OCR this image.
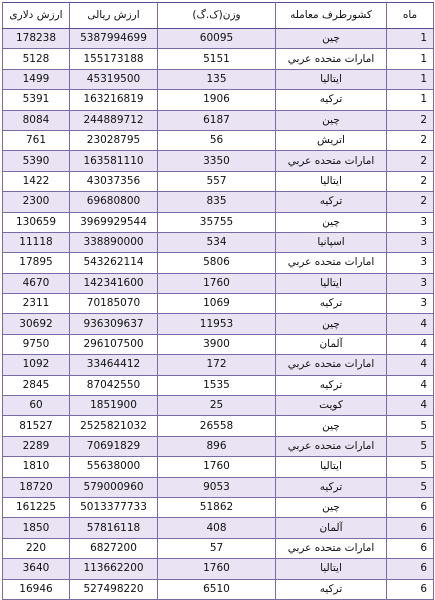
ماه	کشورطرف معامله	وزن(ک.گ)	ارزش ریالی	ارزش دلاری
1	چین	60095	5387994699	178238
1	امارات متحده عربي	5151	155173188	5128
1	ايتاليا	135	45319500	1499
1	ترکيه	1906	163216819	5391
2	چين	6187	244889712	8084
2	اتريش	56	23028795	761
2	امارات متحده عربي	3350	163581110	5390
2	ايتاليا	557	43037356	1422
2	ترکيه	835	69680800	2300
3	چين	35755	3969929544	130659
3	اسپانيا	534	338890000	11118
3	امارات متحده عربي	5806	543262114	17895
3	ايتاليا	1760	142341600	4670
3	ترکيه	1069	70185070	2311
4	چين	11953	936309637	30692
4	آلمان	3900	296107500	9750
4	امارات متحده عربي	172	33464412	1092
4	ترکيه	1535	87042550	2845
4	کويت	25	1851900	60
5	چين	26558	2525821032	81527
5	امارات متحده عربي	896	70691829	2289
5	ايتاليا	1760	55638000	1810
5	ترکيه	9053	579000960	18720
6	چين	51862	5013377733	161225
6	آلمان	408	57816118	1850
6	امارات متحده عربي	57	6827200	220
6	ايتاليا	1760	113662200	3640
6	ترکيه	6510	527498220	16946
